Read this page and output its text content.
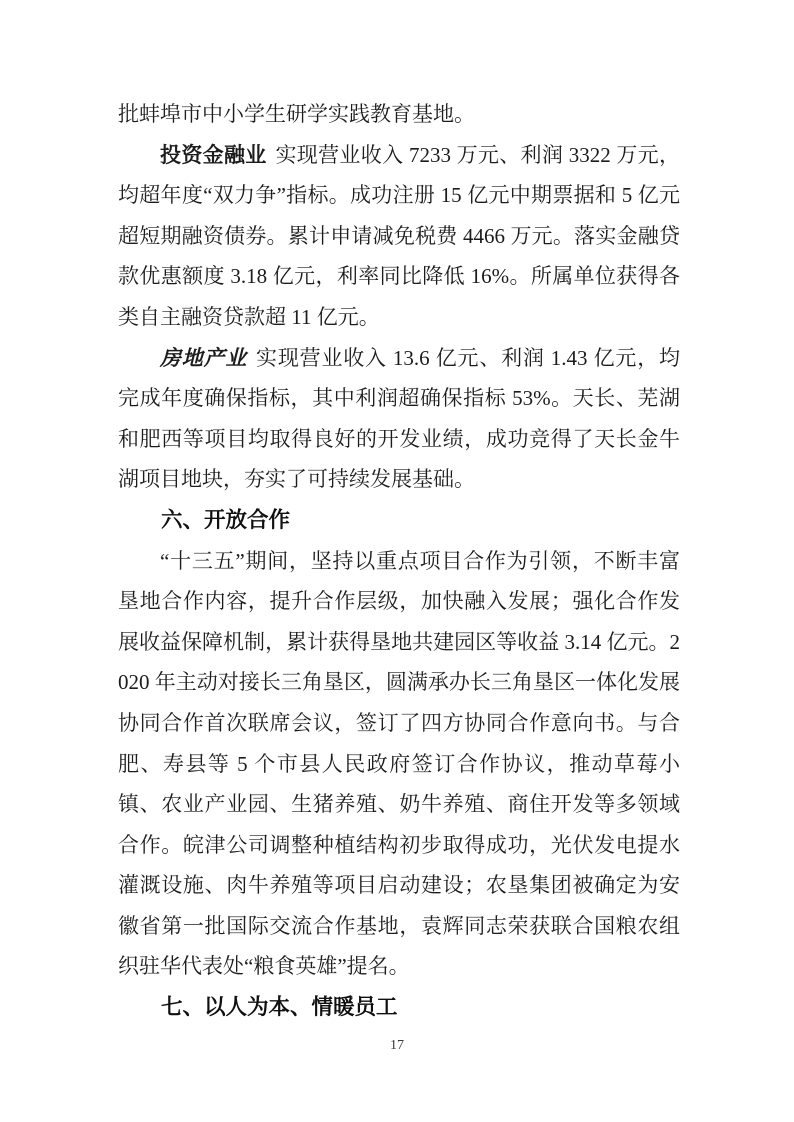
批蚌埠市中小学生研学实践教育基地。

投资金融业 实现营业收入 7233 万元、利润 3322 万元，均超年度“双力争”指标。成功注册 15 亿元中期票据和 5 亿元超短期融资债券。累计申请减免税费 4466 万元。落实金融贷款优惠额度 3.18 亿元，利率同比降低 16%。所属单位获得各类自主融资贷款超 11 亿元。

房地产业 实现营业收入 13.6 亿元、利润 1.43 亿元，均完成年度确保指标，其中利润超确保指标 53%。天长、芜湖和肥西等项目均取得良好的开发业绩，成功竞得了天长金牛湖项目地块，夯实了可持续发展基础。

六、开放合作

“十三五”期间，坚持以重点项目合作为引领，不断丰富垦地合作内容，提升合作层级，加快融入发展；强化合作发展收益保障机制，累计获得垦地共建园区等收益 3.14 亿元。2020 年主动对接长三角垦区，圆满承办长三角垦区一体化发展协同合作首次联席会议，签订了四方协同合作意向书。与合肥、寿县等 5 个市县人民政府签订合作协议，推动草莓小镇、农业产业园、生猪养殖、奶牛养殖、商住开发等多领域合作。皖津公司调整种植结构初步取得成功，光伏发电提水灌溉设施、肉牛养殖等项目启动建设；农垦集团被确定为安徽省第一批国际交流合作基地，袁辉同志荣获联合国粮农组织驻华代表处“粮食英雄”提名。

七、以人为本、情暖员工
17
